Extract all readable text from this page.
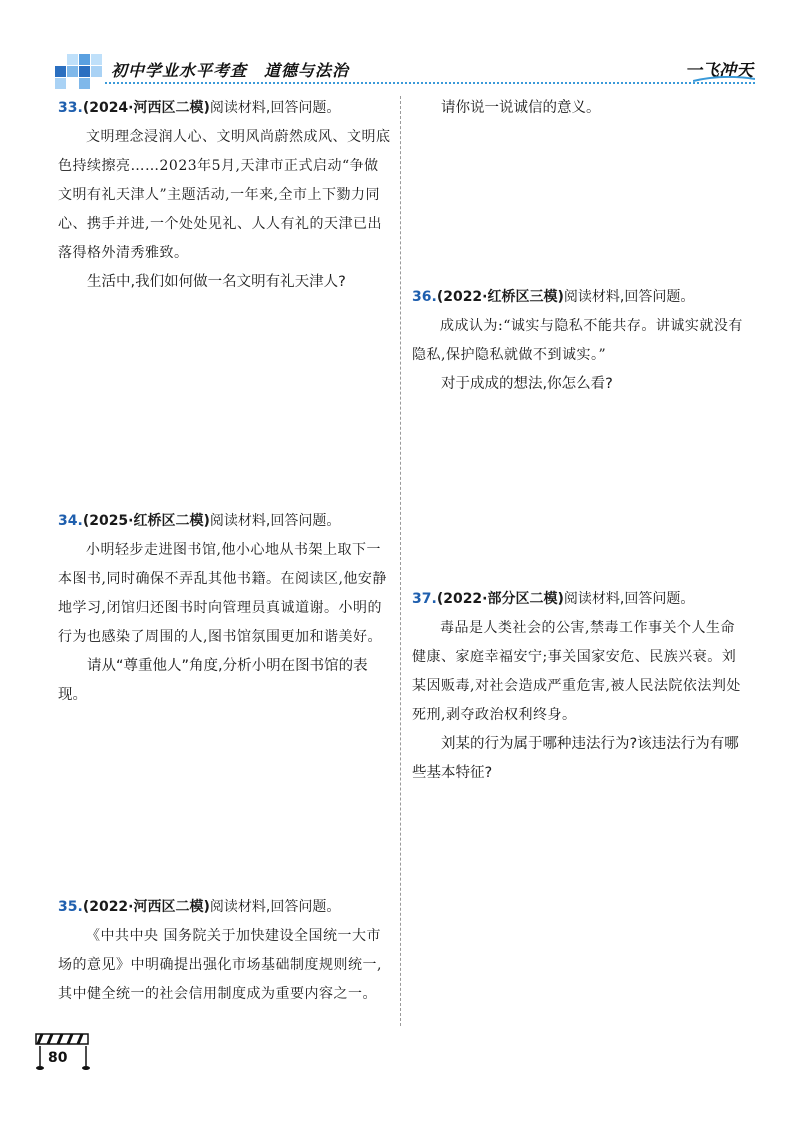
初中学业水平考查　道德与法治	一飞冲天

33.(2024·河西区二模)阅读材料,回答问题。

文明理念浸润人心、文明风尚蔚然成风、文明底色持续擦亮……2023年5月,天津市正式启动“争做文明有礼天津人”主题活动,一年来,全市上下勠力同心、携手并进,一个处处见礼、人人有礼的天津已出落得格外清秀雅致。

生活中,我们如何做一名文明有礼天津人?

34.(2025·红桥区二模)阅读材料,回答问题。

小明轻步走进图书馆,他小心地从书架上取下一本图书,同时确保不弄乱其他书籍。在阅读区,他安静地学习,闭馆归还图书时向管理员真诚道谢。小明的行为也感染了周围的人,图书馆氛围更加和谐美好。

请从“尊重他人”角度,分析小明在图书馆的表现。

35.(2022·河西区二模)阅读材料,回答问题。

《中共中央 国务院关于加快建设全国统一大市场的意见》中明确提出强化市场基础制度规则统一,其中健全统一的社会信用制度成为重要内容之一。

请你说一说诚信的意义。

36.(2022·红桥区三模)阅读材料,回答问题。

成成认为:“诚实与隐私不能共存。讲诚实就没有隐私,保护隐私就做不到诚实。”

对于成成的想法,你怎么看?

37.(2022·部分区二模)阅读材料,回答问题。

毒品是人类社会的公害,禁毒工作事关个人生命健康、家庭幸福安宁;事关国家安危、民族兴衰。刘某因贩毒,对社会造成严重危害,被人民法院依法判处死刑,剥夺政治权利终身。

刘某的行为属于哪种违法行为?该违法行为有哪些基本特征?

80
